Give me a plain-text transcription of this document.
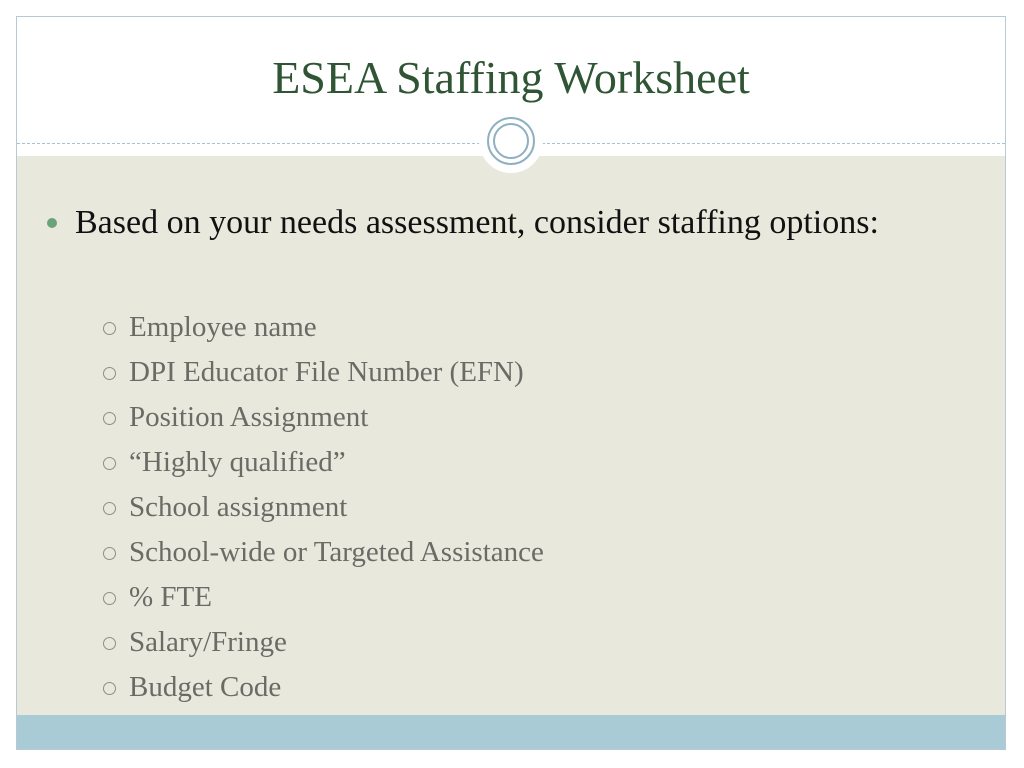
ESEA Staffing Worksheet
Based on your needs assessment, consider staffing options:
Employee name
DPI Educator File Number (EFN)
Position Assignment
“Highly qualified”
School assignment
School-wide or Targeted Assistance
% FTE
Salary/Fringe
Budget Code
